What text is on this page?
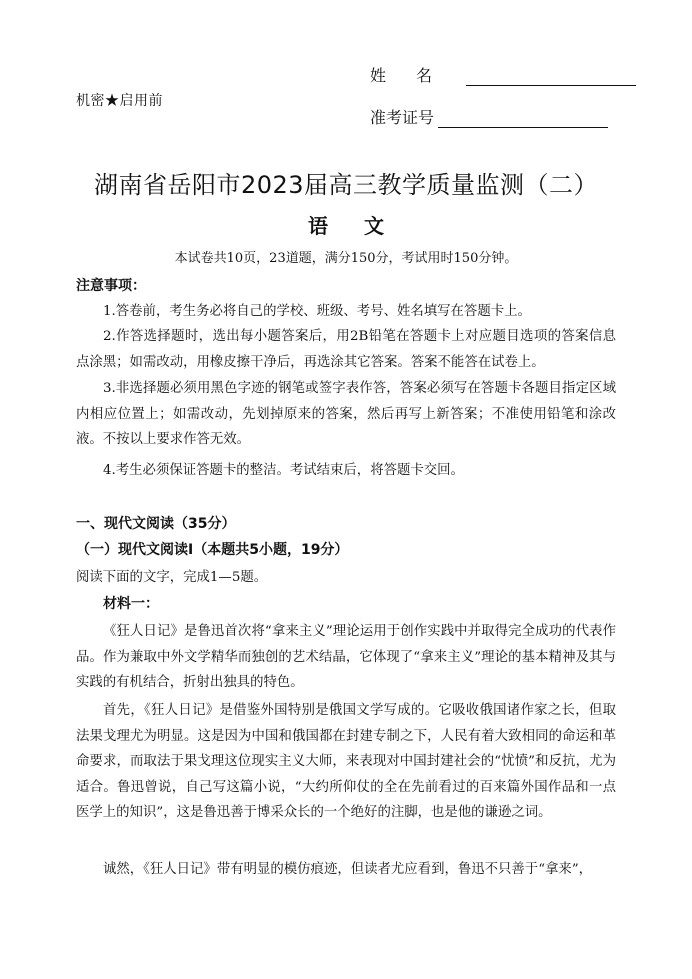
机密★启用前
姓名
准考证号
湖南省岳阳市2023届高三教学质量监测（二）
语文
本试卷共10页，23道题，满分150分，考试用时150分钟。
注意事项：
1.答卷前，考生务必将自己的学校、班级、考号、姓名填写在答题卡上。
2.作答选择题时，选出每小题答案后，用2B铅笔在答题卡上对应题目选项的答案信息点涂黑；如需改动，用橡皮擦干净后，再选涂其它答案。答案不能答在试卷上。
3.非选择题必须用黑色字迹的钢笔或签字表作答，答案必须写在答题卡各题目指定区域内相应位置上；如需改动，先划掉原来的答案，然后再写上新答案；不准使用铅笔和涂改液。不按以上要求作答无效。
4.考生必须保证答题卡的整洁。考试结束后，将答题卡交回。
一、现代文阅读（35分）
（一）现代文阅读Ⅰ（本题共5小题，19分）
阅读下面的文字，完成1—5题。
材料一：
《狂人日记》是鲁迅首次将“拿来主义”理论运用于创作实践中并取得完全成功的代表作品。作为兼取中外文学精华而独创的艺术结晶，它体现了“拿来主义”理论的基本精神及其与实践的有机结合，折射出独具的特色。
首先，《狂人日记》是借鉴外国特别是俄国文学写成的。它吸收俄国诸作家之长，但取法果戈理尤为明显。这是因为中国和俄国都在封建专制之下，人民有着大致相同的命运和革命要求，而取法于果戈理这位现实主义大师，来表现对中国封建社会的“忧愤”和反抗，尤为适合。鲁迅曾说，自己写这篇小说，“大约所仰仗的全在先前看过的百来篇外国作品和一点医学上的知识”，这是鲁迅善于博采众长的一个绝好的注脚，也是他的谦逊之词。
诚然，《狂人日记》带有明显的模仿痕迹，但读者尤应看到，鲁迅不只善于“拿来”，
